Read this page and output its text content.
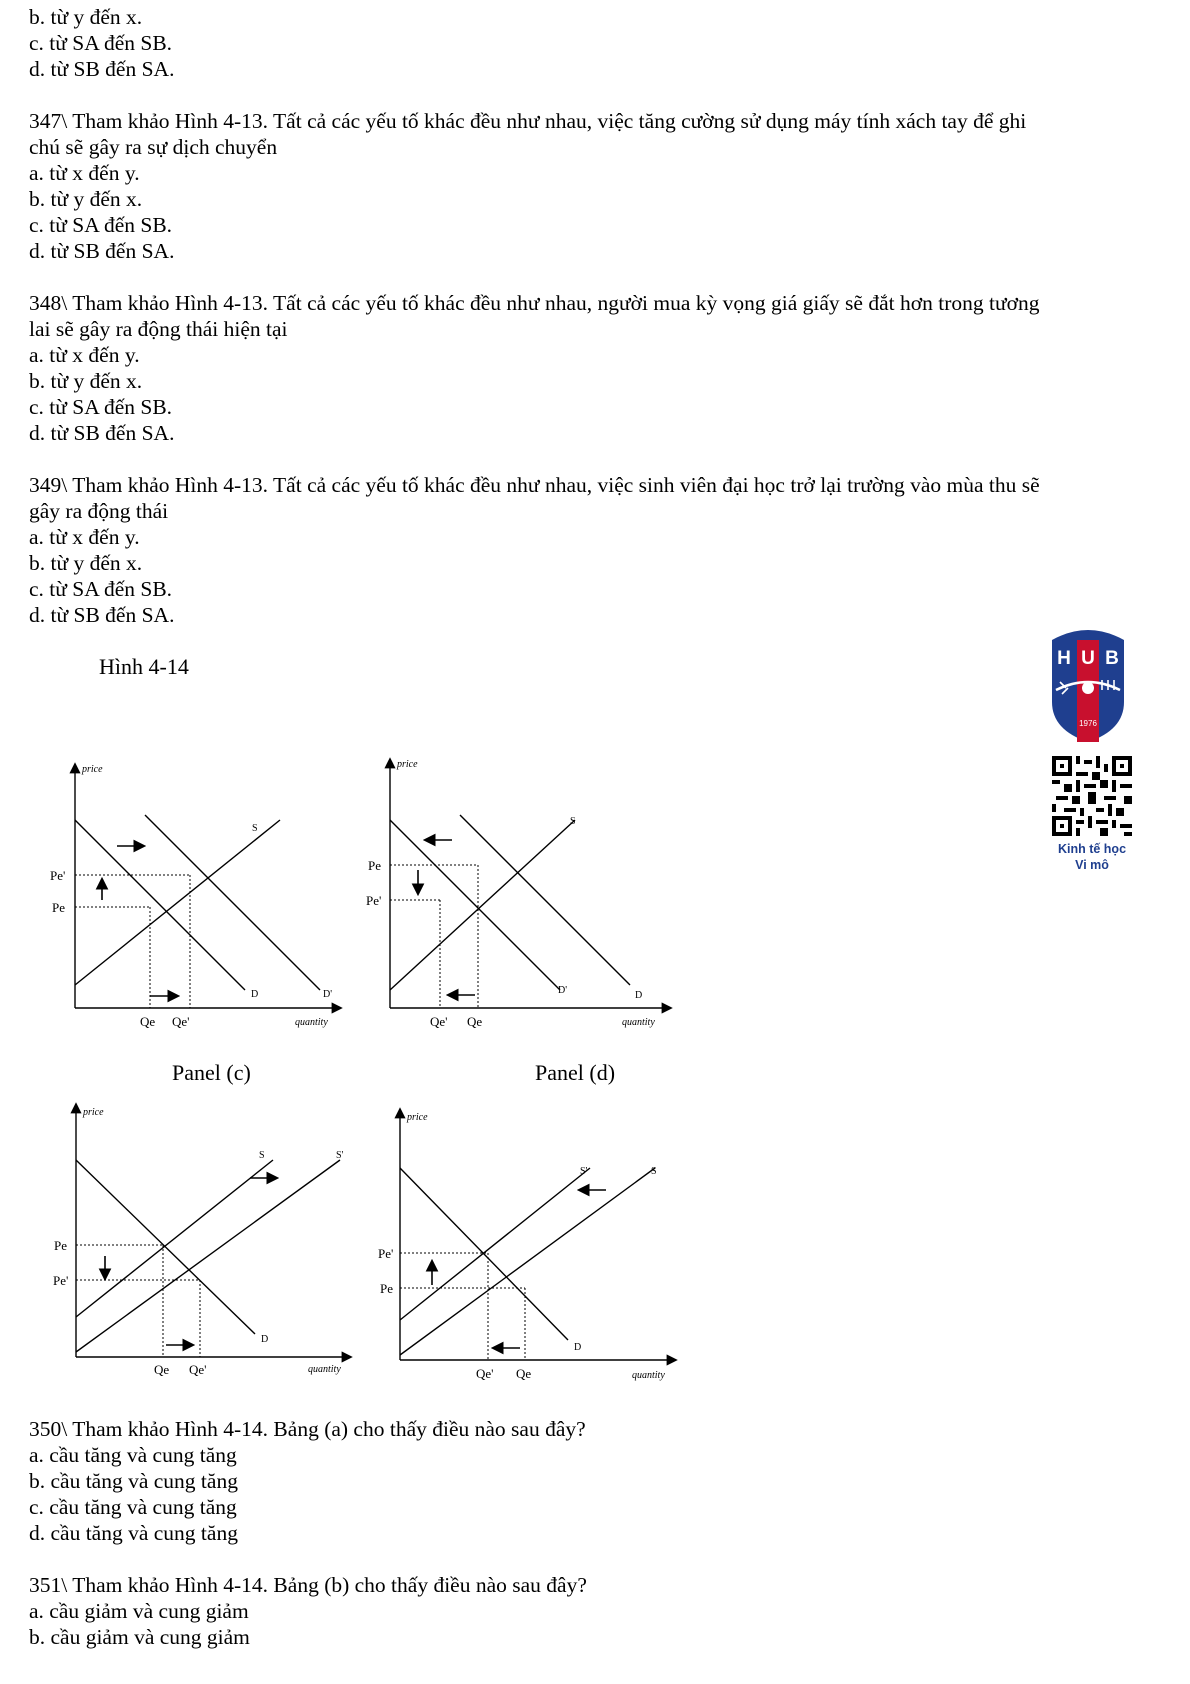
b. từ y đến x.
c. từ SA đến SB.
d. từ SB đến SA.
347\ Tham khảo Hình 4-13. Tất cả các yếu tố khác đều như nhau, việc tăng cường sử dụng máy tính xách tay để ghi
chú sẽ gây ra sự dịch chuyển
a. từ x đến y.
b. từ y đến x.
c. từ SA đến SB.
d. từ SB đến SA.
348\ Tham khảo Hình 4-13. Tất cả các yếu tố khác đều như nhau, người mua kỳ vọng giá giấy sẽ đắt hơn trong tương
lai sẽ gây ra động thái hiện tại
a. từ x đến y.
b. từ y đến x.
c. từ SA đến SB.
d. từ SB đến SA.
349\ Tham khảo Hình 4-13. Tất cả các yếu tố khác đều như nhau, việc sinh viên đại học trở lại trường vào mùa thu sẽ
gây ra động thái
a. từ x đến y.
b. từ y đến x.
c. từ SA đến SB.
d. từ SB đến SA.
Hình 4-14
price
quantity
Pe'
Pe
Qe Qe'
S
D	D'
price
quantity
Pe
Pe'
Qe' Qe
S
D'	D
Panel (c)	Panel (d)
price
quantity
Pe
Pe'
Qe Qe'
S	S'
D
price
quantity
Pe'
Pe
Qe' Qe
S'	S
D
350\ Tham khảo Hình 4-14. Bảng (a) cho thấy điều nào sau đây?
a. cầu tăng và cung tăng
b. cầu tăng và cung tăng
c. cầu tăng và cung tăng
d. cầu tăng và cung tăng
351\ Tham khảo Hình 4-14. Bảng (b) cho thấy điều nào sau đây?
a. cầu giảm và cung giảm
b. cầu giảm và cung giảm
H U B
1976
Kinh tế học
Vi mô
